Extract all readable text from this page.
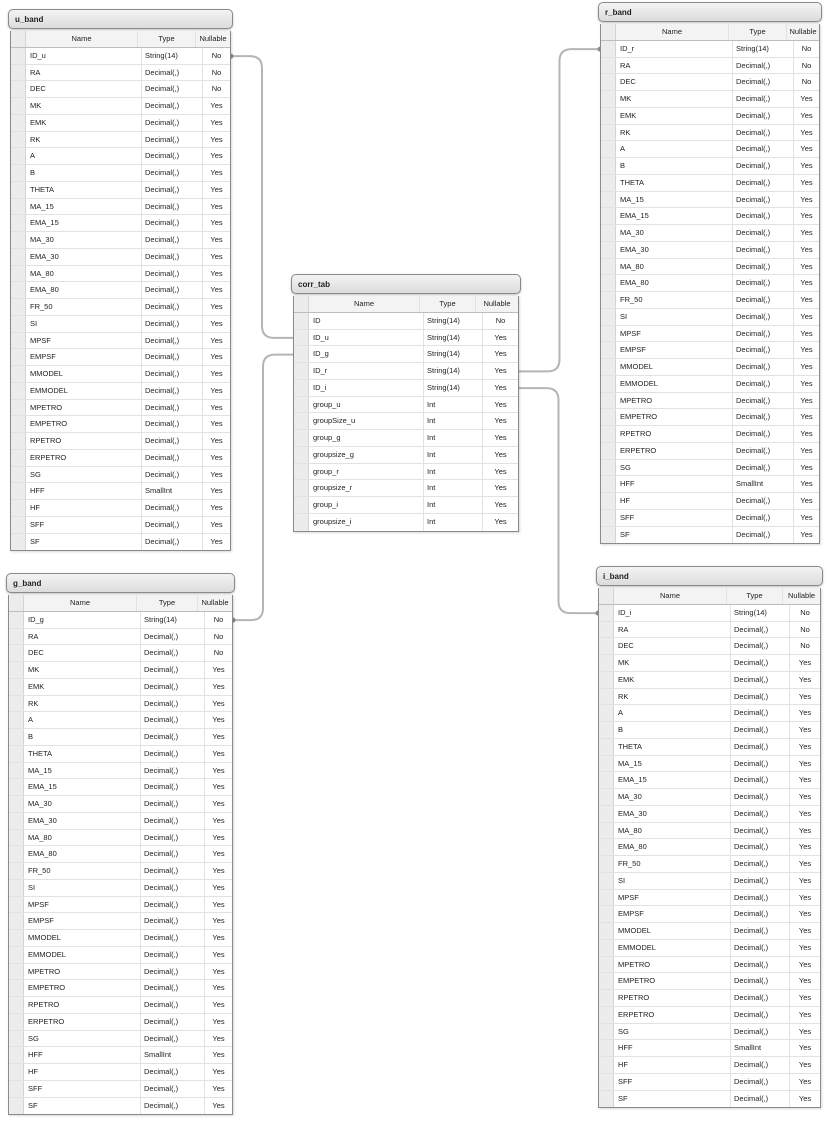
u_band
Name	Type	Nullable
ID_u	String(14)	No
RA	Decimal(,)	No
DEC	Decimal(,)	No
MK	Decimal(,)	Yes
EMK	Decimal(,)	Yes
RK	Decimal(,)	Yes
A	Decimal(,)	Yes
B	Decimal(,)	Yes
THETA	Decimal(,)	Yes
MA_15	Decimal(,)	Yes
EMA_15	Decimal(,)	Yes
MA_30	Decimal(,)	Yes
EMA_30	Decimal(,)	Yes
MA_80	Decimal(,)	Yes
EMA_80	Decimal(,)	Yes
FR_50	Decimal(,)	Yes
SI	Decimal(,)	Yes
MPSF	Decimal(,)	Yes
EMPSF	Decimal(,)	Yes
MMODEL	Decimal(,)	Yes
EMMODEL	Decimal(,)	Yes
MPETRO	Decimal(,)	Yes
EMPETRO	Decimal(,)	Yes
RPETRO	Decimal(,)	Yes
ERPETRO	Decimal(,)	Yes
SG	Decimal(,)	Yes
HFF	SmallInt	Yes
HF	Decimal(,)	Yes
SFF	Decimal(,)	Yes
SF	Decimal(,)	Yes
g_band
Name	Type	Nullable
ID_g	String(14)	No
RA	Decimal(,)	No
DEC	Decimal(,)	No
MK	Decimal(,)	Yes
EMK	Decimal(,)	Yes
RK	Decimal(,)	Yes
A	Decimal(,)	Yes
B	Decimal(,)	Yes
THETA	Decimal(,)	Yes
MA_15	Decimal(,)	Yes
EMA_15	Decimal(,)	Yes
MA_30	Decimal(,)	Yes
EMA_30	Decimal(,)	Yes
MA_80	Decimal(,)	Yes
EMA_80	Decimal(,)	Yes
FR_50	Decimal(,)	Yes
SI	Decimal(,)	Yes
MPSF	Decimal(,)	Yes
EMPSF	Decimal(,)	Yes
MMODEL	Decimal(,)	Yes
EMMODEL	Decimal(,)	Yes
MPETRO	Decimal(,)	Yes
EMPETRO	Decimal(,)	Yes
RPETRO	Decimal(,)	Yes
ERPETRO	Decimal(,)	Yes
SG	Decimal(,)	Yes
HFF	SmallInt	Yes
HF	Decimal(,)	Yes
SFF	Decimal(,)	Yes
SF	Decimal(,)	Yes
corr_tab
Name	Type	Nullable
ID	String(14)	No
ID_u	String(14)	Yes
ID_g	String(14)	Yes
ID_r	String(14)	Yes
ID_i	String(14)	Yes
group_u	Int	Yes
groupSize_u	Int	Yes
group_g	Int	Yes
groupsize_g	Int	Yes
group_r	Int	Yes
groupsize_r	Int	Yes
group_i	Int	Yes
groupsize_i	Int	Yes
r_band
Name	Type	Nullable
ID_r	String(14)	No
RA	Decimal(,)	No
DEC	Decimal(,)	No
MK	Decimal(,)	Yes
EMK	Decimal(,)	Yes
RK	Decimal(,)	Yes
A	Decimal(,)	Yes
B	Decimal(,)	Yes
THETA	Decimal(,)	Yes
MA_15	Decimal(,)	Yes
EMA_15	Decimal(,)	Yes
MA_30	Decimal(,)	Yes
EMA_30	Decimal(,)	Yes
MA_80	Decimal(,)	Yes
EMA_80	Decimal(,)	Yes
FR_50	Decimal(,)	Yes
SI	Decimal(,)	Yes
MPSF	Decimal(,)	Yes
EMPSF	Decimal(,)	Yes
MMODEL	Decimal(,)	Yes
EMMODEL	Decimal(,)	Yes
MPETRO	Decimal(,)	Yes
EMPETRO	Decimal(,)	Yes
RPETRO	Decimal(,)	Yes
ERPETRO	Decimal(,)	Yes
SG	Decimal(,)	Yes
HFF	SmallInt	Yes
HF	Decimal(,)	Yes
SFF	Decimal(,)	Yes
SF	Decimal(,)	Yes
i_band
Name	Type	Nullable
ID_i	String(14)	No
RA	Decimal(,)	No
DEC	Decimal(,)	No
MK	Decimal(,)	Yes
EMK	Decimal(,)	Yes
RK	Decimal(,)	Yes
A	Decimal(,)	Yes
B	Decimal(,)	Yes
THETA	Decimal(,)	Yes
MA_15	Decimal(,)	Yes
EMA_15	Decimal(,)	Yes
MA_30	Decimal(,)	Yes
EMA_30	Decimal(,)	Yes
MA_80	Decimal(,)	Yes
EMA_80	Decimal(,)	Yes
FR_50	Decimal(,)	Yes
SI	Decimal(,)	Yes
MPSF	Decimal(,)	Yes
EMPSF	Decimal(,)	Yes
MMODEL	Decimal(,)	Yes
EMMODEL	Decimal(,)	Yes
MPETRO	Decimal(,)	Yes
EMPETRO	Decimal(,)	Yes
RPETRO	Decimal(,)	Yes
ERPETRO	Decimal(,)	Yes
SG	Decimal(,)	Yes
HFF	SmallInt	Yes
HF	Decimal(,)	Yes
SFF	Decimal(,)	Yes
SF	Decimal(,)	Yes
